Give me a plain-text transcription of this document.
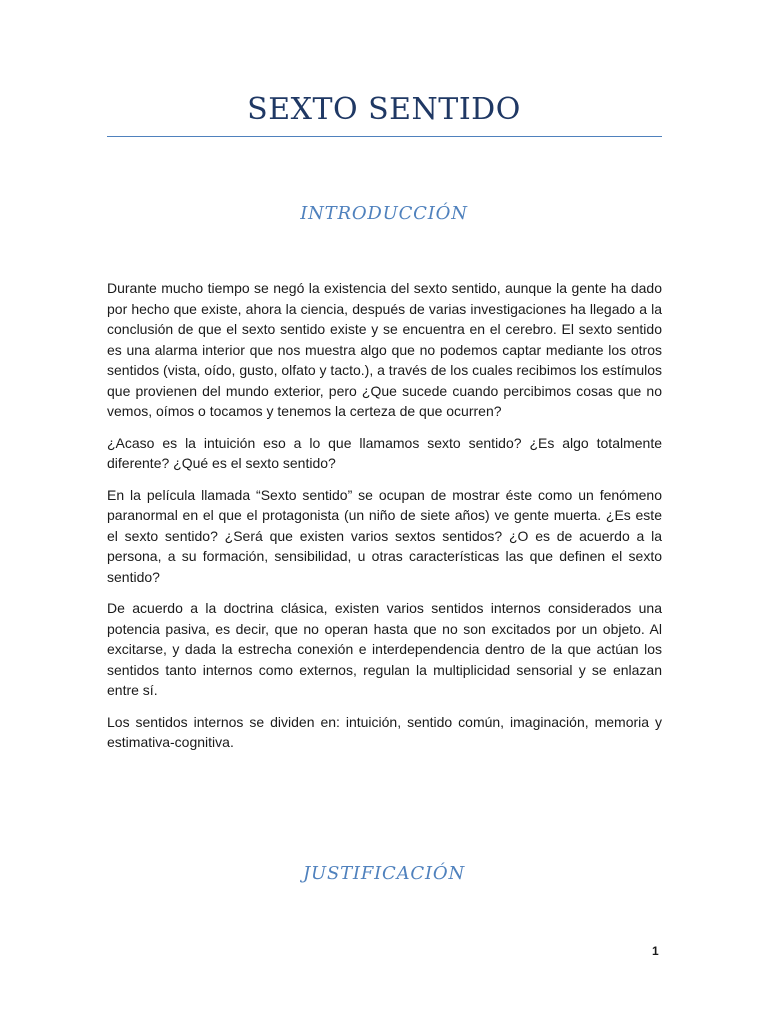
SEXTO SENTIDO
INTRODUCCIÓN

Durante mucho tiempo se negó la existencia del sexto sentido, aunque la gente ha dado por hecho que existe, ahora la ciencia, después de varias investigaciones ha llegado a la conclusión de que el sexto sentido existe y se encuentra en el cerebro. El sexto sentido es una alarma interior que nos muestra algo que no podemos captar mediante los otros sentidos (vista, oído, gusto, olfato y tacto.), a través de los cuales recibimos los estímulos que provienen del mundo exterior, pero ¿Que sucede cuando percibimos cosas que no vemos, oímos o tocamos y tenemos la certeza de que ocurren?

¿Acaso es la intuición eso a lo que llamamos sexto sentido? ¿Es algo totalmente diferente? ¿Qué es el sexto sentido?

En la película llamada “Sexto sentido” se ocupan de mostrar éste como un fenómeno paranormal en el que el protagonista (un niño de siete años) ve gente muerta. ¿Es este el sexto sentido? ¿Será que existen varios sextos sentidos? ¿O es de acuerdo a la persona, a su formación, sensibilidad, u otras características las que definen el sexto sentido?

De acuerdo a la doctrina clásica, existen varios sentidos internos considerados una potencia pasiva, es decir, que no operan hasta que no son excitados por un objeto. Al excitarse, y dada la estrecha conexión e interdependencia dentro de la que actúan los sentidos tanto internos como externos, regulan la multiplicidad sensorial y se enlazan entre sí.

Los sentidos internos se dividen en: intuición, sentido común, imaginación, memoria y estimativa-cognitiva.

JUSTIFICACIÓN
1
